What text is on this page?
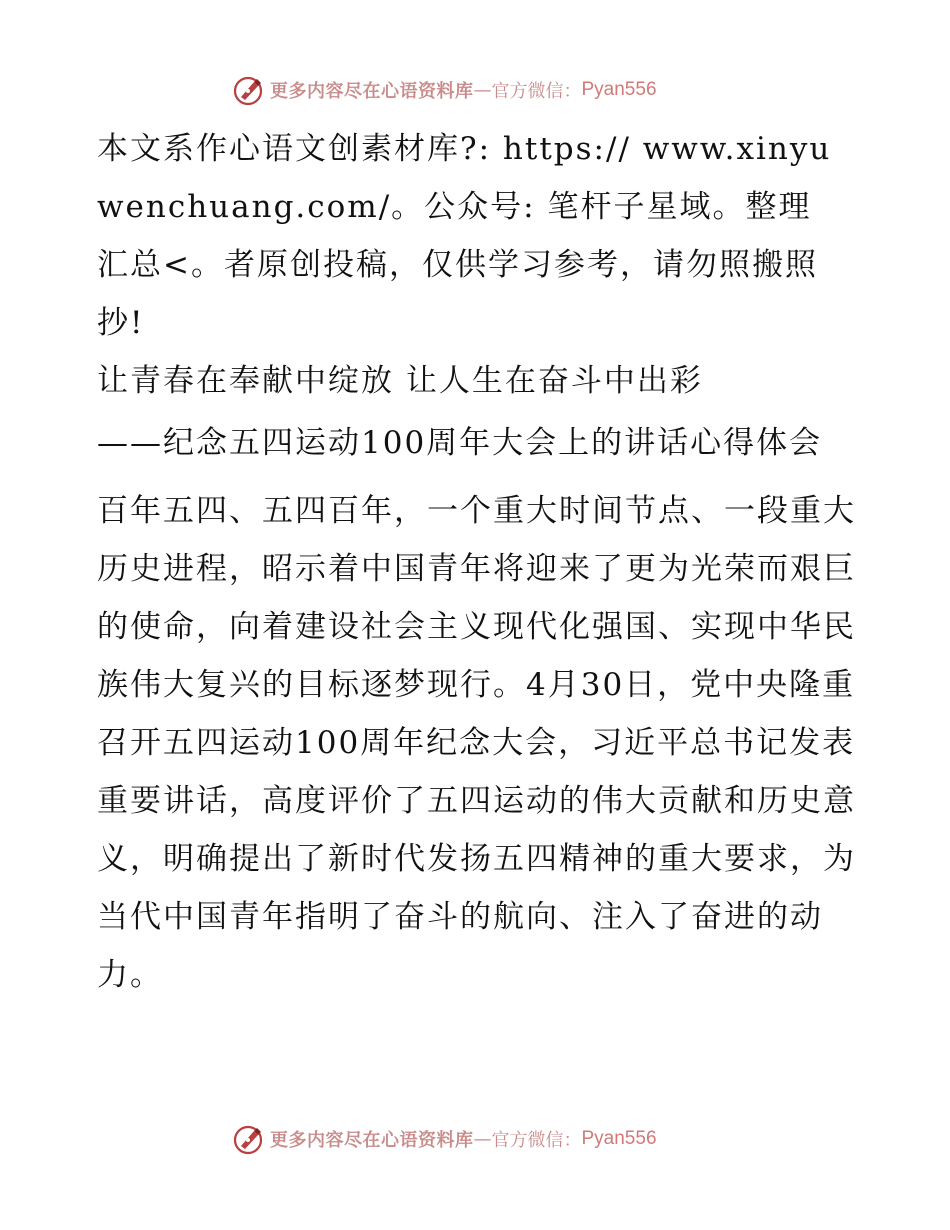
更多内容尽在心语资料库 — 官方微信： Pyan556

本文系作心语文创素材库?: https:// www.xinyuwenchuang.com/。公众号: 笔杆子星域。整理汇总<。者原创投稿，仅供学习参考，请勿照搬照抄!

让青春在奉献中绽放 让人生在奋斗中出彩

——纪念五四运动100周年大会上的讲话心得体会

百年五四、五四百年，一个重大时间节点、一段重大历史进程，昭示着中国青年将迎来了更为光荣而艰巨的使命，向着建设社会主义现代化强国、实现中华民族伟大复兴的目标逐梦现行。4月30日，党中央隆重召开五四运动100周年纪念大会，习近平总书记发表重要讲话，高度评价了五四运动的伟大贡献和历史意义，明确提出了新时代发扬五四精神的重大要求，为当代中国青年指明了奋斗的航向、注入了奋进的动力。

更多内容尽在心语资料库 — 官方微信： Pyan556
